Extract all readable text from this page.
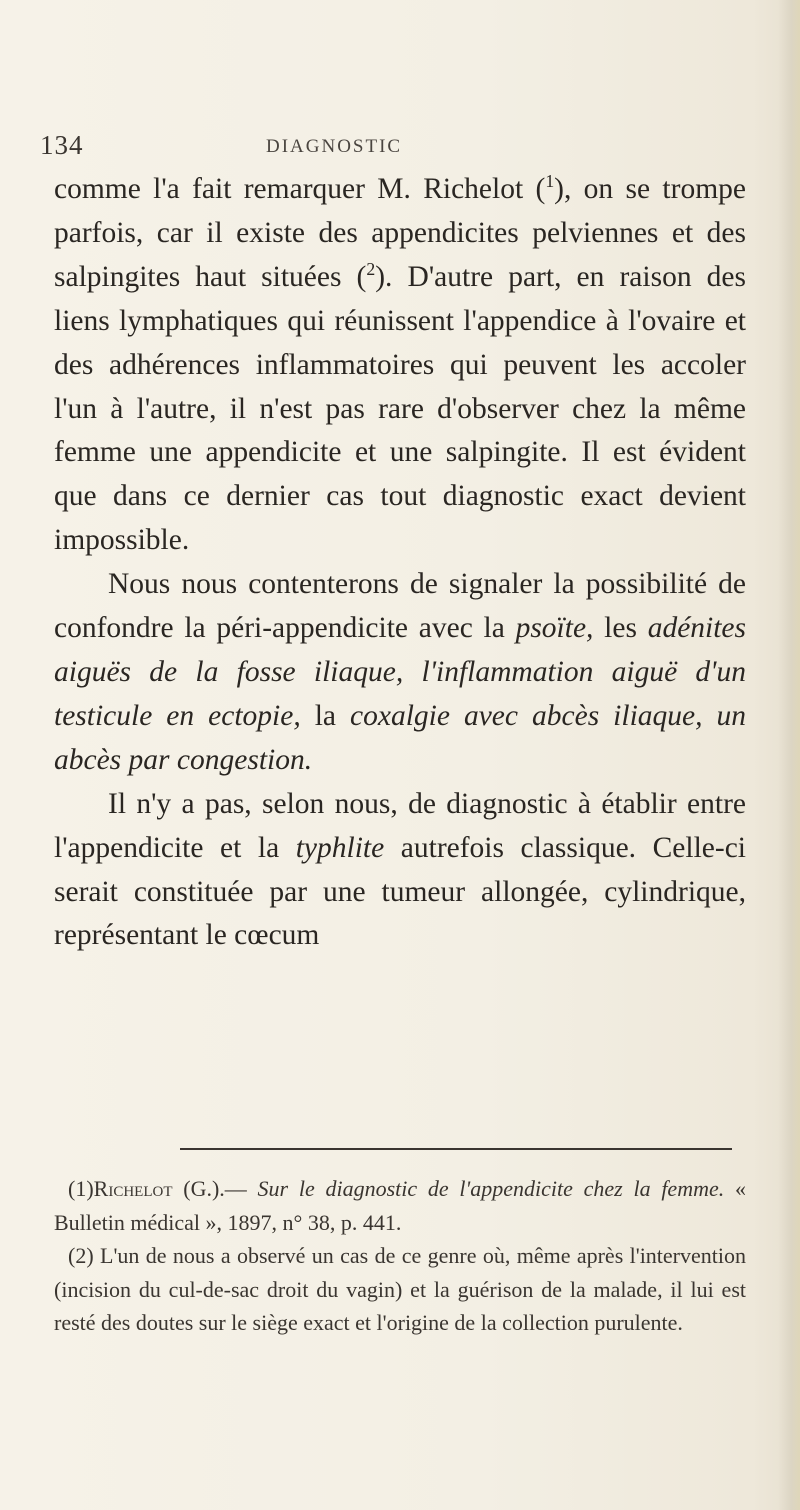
134	DIAGNOSTIC

comme l'a fait remarquer M. Richelot ($^1$), on se trompe parfois, car il existe des appendicites pelviennes et des salpingites haut situées ($^2$). D'autre part, en raison des liens lymphatiques qui réunissent l'appendice à l'ovaire et des adhérences inflammatoires qui peuvent les accoler l'un à l'autre, il n'est pas rare d'observer chez la même femme une appendicite et une salpingite. Il est évident que dans ce dernier cas tout diagnostic exact devient impossible.

Nous nous contenterons de signaler la possibilité de confondre la péri-appendicite avec la psoïte, les adénites aiguës de la fosse iliaque, l'inflammation aiguë d'un testicule en ectopie, la coxalgie avec abcès iliaque, un abcès par congestion.

Il n'y a pas, selon nous, de diagnostic à établir entre l'appendicite et la typhlite autrefois classique. Celle-ci serait constituée par une tumeur allongée, cylindrique, représentant le cœcum

(1)Richelot (G.).— Sur le diagnostic de l'appendicite chez la femme. « Bulletin médical », 1897, n° 38, p. 441.

(2) L'un de nous a observé un cas de ce genre où, même après l'intervention (incision du cul-de-sac droit du vagin) et la guérison de la malade, il lui est resté des doutes sur le siège exact et l'origine de la collection purulente.
